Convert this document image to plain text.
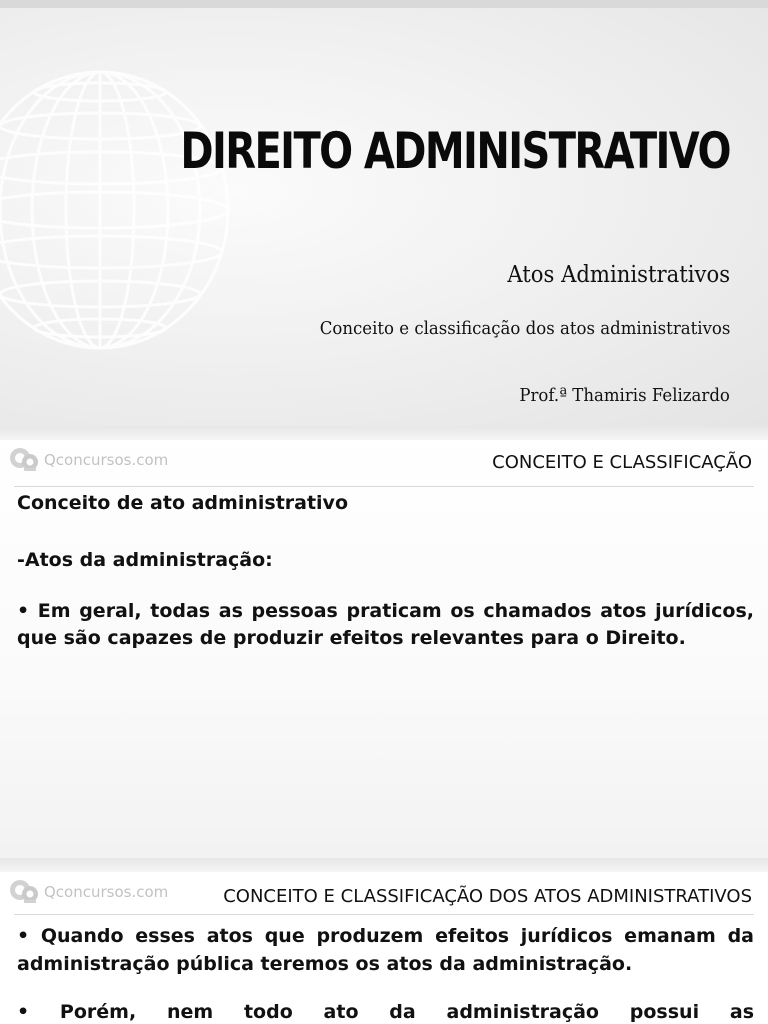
DIREITO ADMINISTRATIVO
Atos Administrativos
Conceito e classificação dos atos administrativos
Prof.ª Thamiris Felizardo
Qconcursos.com	CONCEITO E CLASSIFICAÇÃO

Conceito de ato administrativo

-Atos da administração:

• Em geral, todas as pessoas praticam os chamados atos jurídicos, que são capazes de produzir efeitos relevantes para o Direito.

Qconcursos.com	CONCEITO E CLASSIFICAÇÃO DOS ATOS ADMINISTRATIVOS

• Quando esses atos que produzem efeitos jurídicos emanam da administração pública teremos os atos da administração.

• Porém, nem todo ato da administração possui as
